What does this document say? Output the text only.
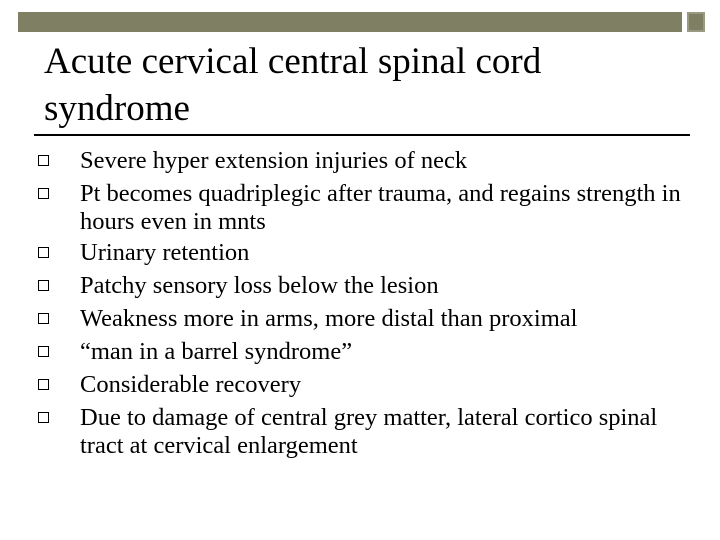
Acute cervical central spinal cord syndrome
Severe hyper extension injuries of neck
Pt becomes quadriplegic after trauma, and regains strength in hours even in mnts
Urinary retention
Patchy sensory loss below the lesion
Weakness more in arms, more distal than proximal
“man in a barrel syndrome”
Considerable recovery
Due to damage of central grey matter, lateral cortico spinal tract at cervical enlargement
